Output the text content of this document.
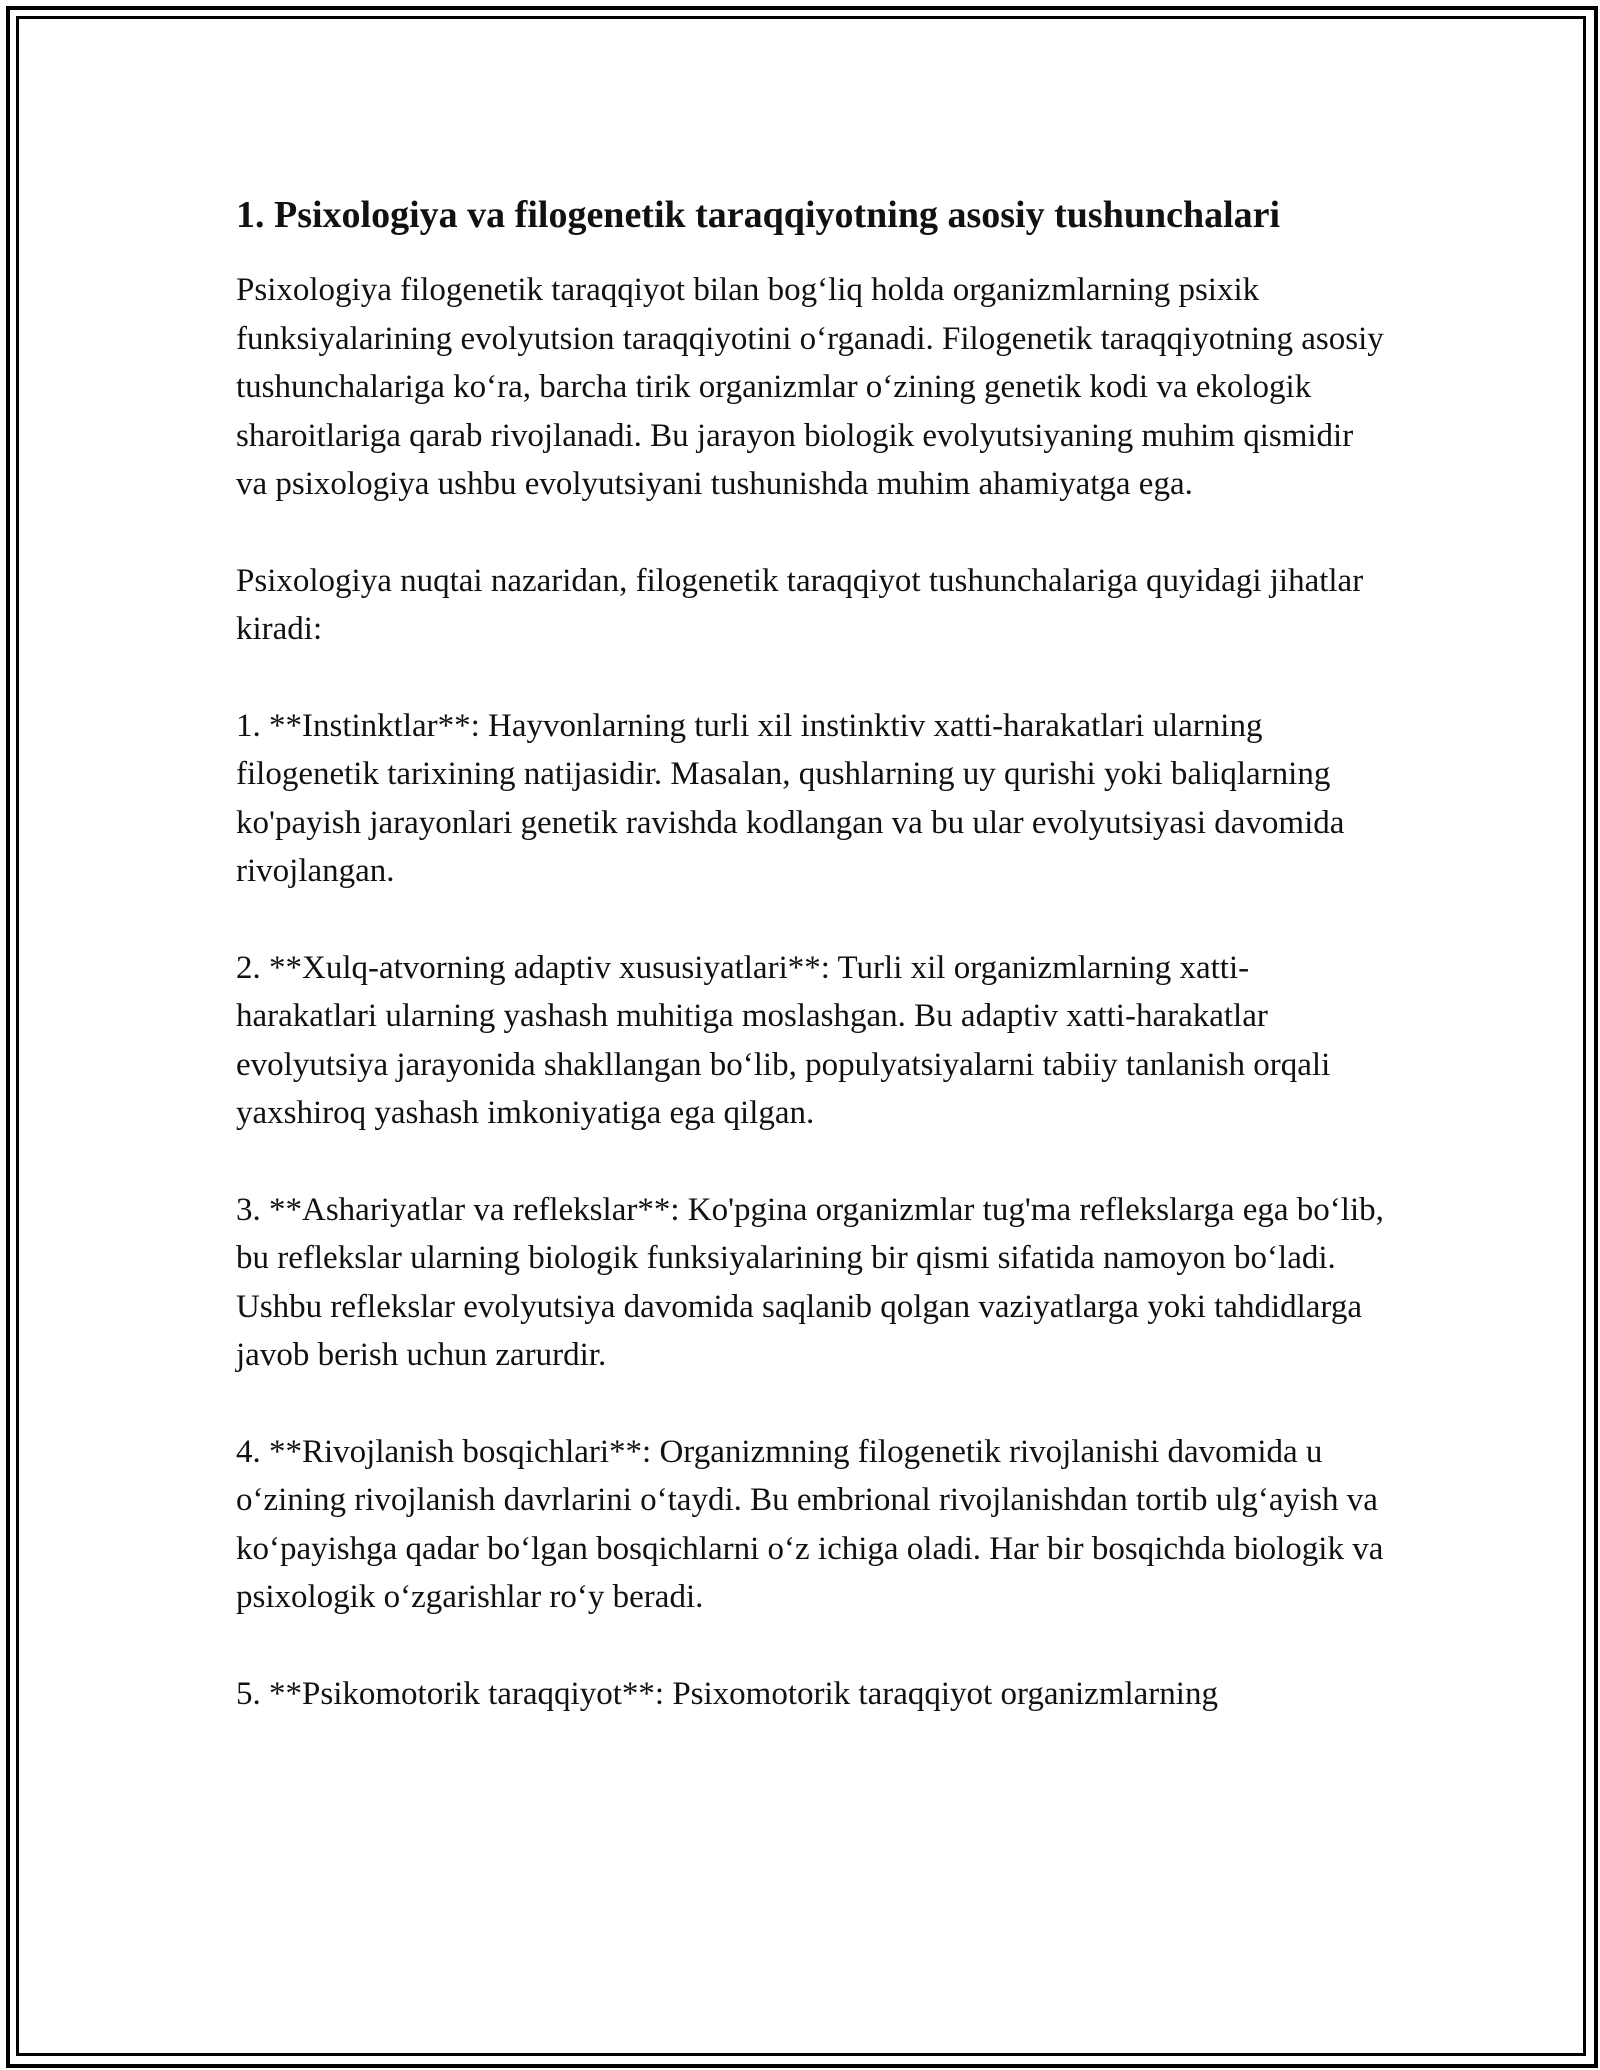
1. Psixologiya va filogenetik taraqqiyotning asosiy tushunchalari

Psixologiya filogenetik taraqqiyot bilan bog‘liq holda organizmlarning psixik funksiyalarining evolyutsion taraqqiyotini o‘rganadi. Filogenetik taraqqiyotning asosiy tushunchalariga ko‘ra, barcha tirik organizmlar o‘zining genetik kodi va ekologik sharoitlariga qarab rivojlanadi. Bu jarayon biologik evolyutsiyaning muhim qismidir va psixologiya ushbu evolyutsiyani tushunishda muhim ahamiyatga ega.

Psixologiya nuqtai nazaridan, filogenetik taraqqiyot tushunchalariga quyidagi jihatlar kiradi:

1. **Instinktlar**: Hayvonlarning turli xil instinktiv xatti-harakatlari ularning filogenetik tarixining natijasidir. Masalan, qushlarning uy qurishi yoki baliqlarning ko'payish jarayonlari genetik ravishda kodlangan va bu ular evolyutsiyasi davomida rivojlangan.

2. **Xulq-atvorning adaptiv xususiyatlari**: Turli xil organizmlarning xatti-harakatlari ularning yashash muhitiga moslashgan. Bu adaptiv xatti-harakatlar evolyutsiya jarayonida shakllangan bo‘lib, populyatsiyalarni tabiiy tanlanish orqali yaxshiroq yashash imkoniyatiga ega qilgan.

3. **Ashariyatlar va reflekslar**: Ko'pgina organizmlar tug'ma reflekslarga ega bo‘lib, bu reflekslar ularning biologik funksiyalarining bir qismi sifatida namoyon bo‘ladi. Ushbu reflekslar evolyutsiya davomida saqlanib qolgan vaziyatlarga yoki tahdidlarga javob berish uchun zarurdir.

4. **Rivojlanish bosqichlari**: Organizmning filogenetik rivojlanishi davomida u o‘zining rivojlanish davrlarini o‘taydi. Bu embrional rivojlanishdan tortib ulg‘ayish va ko‘payishga qadar bo‘lgan bosqichlarni o‘z ichiga oladi. Har bir bosqichda biologik va psixologik o‘zgarishlar ro‘y beradi.

5. **Psikomotorik taraqqiyot**: Psixomotorik taraqqiyot organizmlarning
